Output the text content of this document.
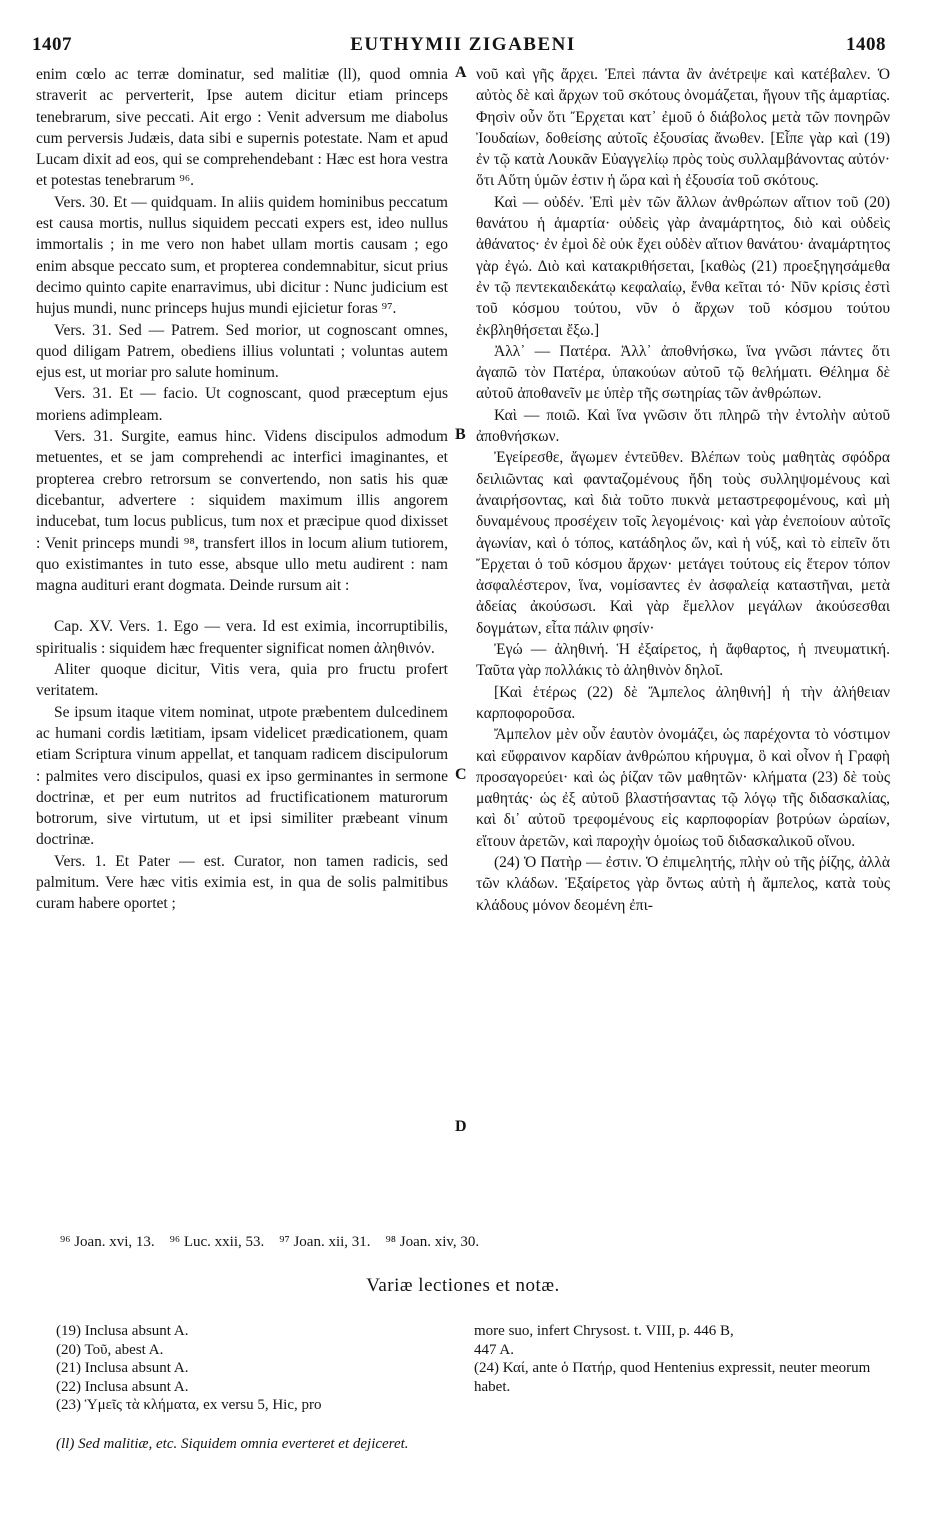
1407	EUTHYMII ZIGABENI	1408

enim cœlo ac terræ dominatur, sed malitiæ (ll), quod omnia straverit ac perverterit, Ipse autem dicitur etiam princeps tenebrarum, sive peccati. Ait ergo : Venit adversum me diabolus cum perversis Judæis, data sibi e supernis potestate. Nam et apud Lucam dixit ad eos, qui se comprehendebant : Hæc est hora vestra et potestas tenebrarum ⁹⁶.

Vers. 30. Et — quidquam. In aliis quidem hominibus peccatum est causa mortis, nullus siquidem peccati expers est, ideo nullus immortalis ; in me vero non habet ullam mortis causam ; ego enim absque peccato sum, et propterea condemnabitur, sicut prius decimo quinto capite enarravimus, ubi dicitur : Nunc judicium est hujus mundi, nunc princeps hujus mundi ejicietur foras ⁹⁷.

Vers. 31. Sed — Patrem. Sed morior, ut cognoscant omnes, quod diligam Patrem, obediens illius voluntati ; voluntas autem ejus est, ut moriar pro salute hominum.

Vers. 31. Et — facio. Ut cognoscant, quod præceptum ejus moriens adimpleam.

Vers. 31. Surgite, eamus hinc. Videns discipulos admodum metuentes, et se jam comprehendi ac interfici imaginantes, et propterea crebro retrorsum se convertendo, non satis his quæ dicebantur, advertere : siquidem maximum illis angorem inducebat, tum locus publicus, tum nox et præcipue quod dixisset : Venit princeps mundi ⁹⁸, transfert illos in locum alium tutiorem, quo existimantes in tuto esse, absque ullo metu audirent : nam magna audituri erant dogmata. Deinde rursum ait :

Cap. XV. Vers. 1. Ego — vera. Id est eximia, incorruptibilis, spiritualis : siquidem hæc frequenter significat nomen ἀληθινόν.

Aliter quoque dicitur, Vitis vera, quia pro fructu profert veritatem.

Se ipsum itaque vitem nominat, utpote præbentem dulcedinem ac humani cordis lætitiam, ipsam videlicet prædicationem, quam etiam Scriptura vinum appellat, et tanquam radicem discipulorum : palmites vero discipulos, quasi ex ipso germinantes in sermone doctrinæ, et per eum nutritos ad fructificationem maturorum botrorum, sive virtutum, ut et ipsi similiter præbeant vinum doctrinæ.

Vers. 1. Et Pater — est. Curator, non tamen radicis, sed palmitum. Vere hæc vitis eximia est, in qua de solis palmitibus curam habere oportet ;

νοῦ καὶ γῆς ἄρχει. Ἐπεὶ πάντα ἂν ἀνέτρεψε καὶ κατέβαλεν. Ὁ αὐτὸς δὲ καὶ ἄρχων τοῦ σκότους ὀνομάζεται, ἤγουν τῆς ἁμαρτίας. Φησὶν οὖν ὅτι Ἔρχεται κατ᾽ ἐμοῦ ὁ διάβολος μετὰ τῶν πονηρῶν Ἰουδαίων, δοθείσης αὐτοῖς ἐξουσίας ἄνωθεν. [Εἶπε γὰρ καὶ (19) ἐν τῷ κατὰ Λουκᾶν Εὐαγγελίῳ πρὸς τοὺς συλλαμβάνοντας αὐτόν· ὅτι Αὕτη ὑμῶν ἐστιν ἡ ὥρα καὶ ἡ ἐξουσία τοῦ σκότους.

Καὶ — οὐδέν. Ἐπὶ μὲν τῶν ἄλλων ἀνθρώπων αἴτιον τοῦ (20) θανάτου ἡ ἁμαρτία· οὐδεὶς γὰρ ἀναμάρτητος, διὸ καὶ οὐδεὶς ἀθάνατος· ἐν ἐμοὶ δὲ οὐκ ἔχει οὐδὲν αἴτιον θανάτου· ἀναμάρτητος γὰρ ἐγώ. Διὸ καὶ κατακριθήσεται, [καθὼς (21) προεξηγησάμεθα ἐν τῷ πεντεκαιδεκάτῳ κεφαλαίῳ, ἔνθα κεῖται τό· Νῦν κρίσις ἐστὶ τοῦ κόσμου τούτου, νῦν ὁ ἄρχων τοῦ κόσμου τούτου ἐκβληθήσεται ἔξω.]

Ἀλλ᾽ — Πατέρα. Ἀλλ᾽ ἀποθνήσκω, ἵνα γνῶσι πάντες ὅτι ἀγαπῶ τὸν Πατέρα, ὑπακούων αὐτοῦ τῷ θελήματι. Θέλημα δὲ αὐτοῦ ἀποθανεῖν με ὑπὲρ τῆς σωτηρίας τῶν ἀνθρώπων.

Καὶ — ποιῶ. Καὶ ἵνα γνῶσιν ὅτι πληρῶ τὴν ἐντολὴν αὐτοῦ ἀποθνήσκων.

Ἐγείρεσθε, ἄγωμεν ἐντεῦθεν. Βλέπων τοὺς μαθητὰς σφόδρα δειλιῶντας καὶ φανταζομένους ἤδη τοὺς συλληψομένους καὶ ἀναιρήσοντας, καὶ διὰ τοῦτο πυκνὰ μεταστρεφομένους, καὶ μὴ δυναμένους προσέχειν τοῖς λεγομένοις· καὶ γὰρ ἐνεποίουν αὐτοῖς ἀγωνίαν, καὶ ὁ τόπος, κατάδηλος ὤν, καὶ ἡ νύξ, καὶ τὸ εἰπεῖν ὅτι Ἔρχεται ὁ τοῦ κόσμου ἄρχων· μετάγει τούτους εἰς ἕτερον τόπον ἀσφαλέστερον, ἵνα, νομίσαντες ἐν ἀσφαλείᾳ καταστῆναι, μετὰ ἀδείας ἀκούσωσι. Καὶ γὰρ ἔμελλον μεγάλων ἀκούσεσθαι δογμάτων, εἶτα πάλιν φησίν·

Ἐγώ — ἀληθινή. Ἡ ἐξαίρετος, ἡ ἄφθαρτος, ἡ πνευματική. Ταῦτα γὰρ πολλάκις τὸ ἀληθινὸν δηλοῖ.

[Καὶ ἑτέρως (22) δὲ Ἄμπελος ἀληθινή] ἡ τὴν ἀλήθειαν καρποφοροῦσα.

Ἄμπελον μὲν οὖν ἑαυτὸν ὀνομάζει, ὡς παρέχοντα τὸ νόστιμον καὶ εὔφραινον καρδίαν ἀνθρώπου κήρυγμα, ὃ καὶ οἶνον ἡ Γραφὴ προσαγορεύει· καὶ ὡς ῥίζαν τῶν μαθητῶν· κλήματα (23) δὲ τοὺς μαθητάς· ὡς ἐξ αὐτοῦ βλαστήσαντας τῷ λόγῳ τῆς διδασκαλίας, καὶ δι᾽ αὐτοῦ τρεφομένους εἰς καρποφορίαν βοτρύων ὡραίων, εἴτουν ἀρετῶν, καὶ παροχὴν ὁμοίως τοῦ διδασκαλικοῦ οἴνου.

(24) Ὁ Πατὴρ — ἐστιν. Ὁ ἐπιμελητής, πλὴν οὐ τῆς ῥίζης, ἀλλὰ τῶν κλάδων. Ἐξαίρετος γὰρ ὄντως αὐτὴ ἡ ἄμπελος, κατὰ τοὺς κλάδους μόνον δεομένη ἐπι-

A
B
C
D
⁹⁶ Joan. xvi, 13.    ⁹⁶ Luc. xxii, 53.    ⁹⁷ Joan. xii, 31.    ⁹⁸ Joan. xiv, 30.
Variæ lectiones et notæ.

(19) Inclusa absunt A.

(20) Τοῦ, abest A.

(21) Inclusa absunt A.

(22) Inclusa absunt A.

(23) Ὑμεῖς τὰ κλήματα, ex versu 5, Hic, pro

more suo, infert Chrysost. t. VIII, p. 446 B,

447 A.

(24) Καί, ante ὁ Πατήρ, quod Hentenius expressit, neuter meorum habet.

(ll) Sed malitiæ, etc. Siquidem omnia everteret et dejiceret.
